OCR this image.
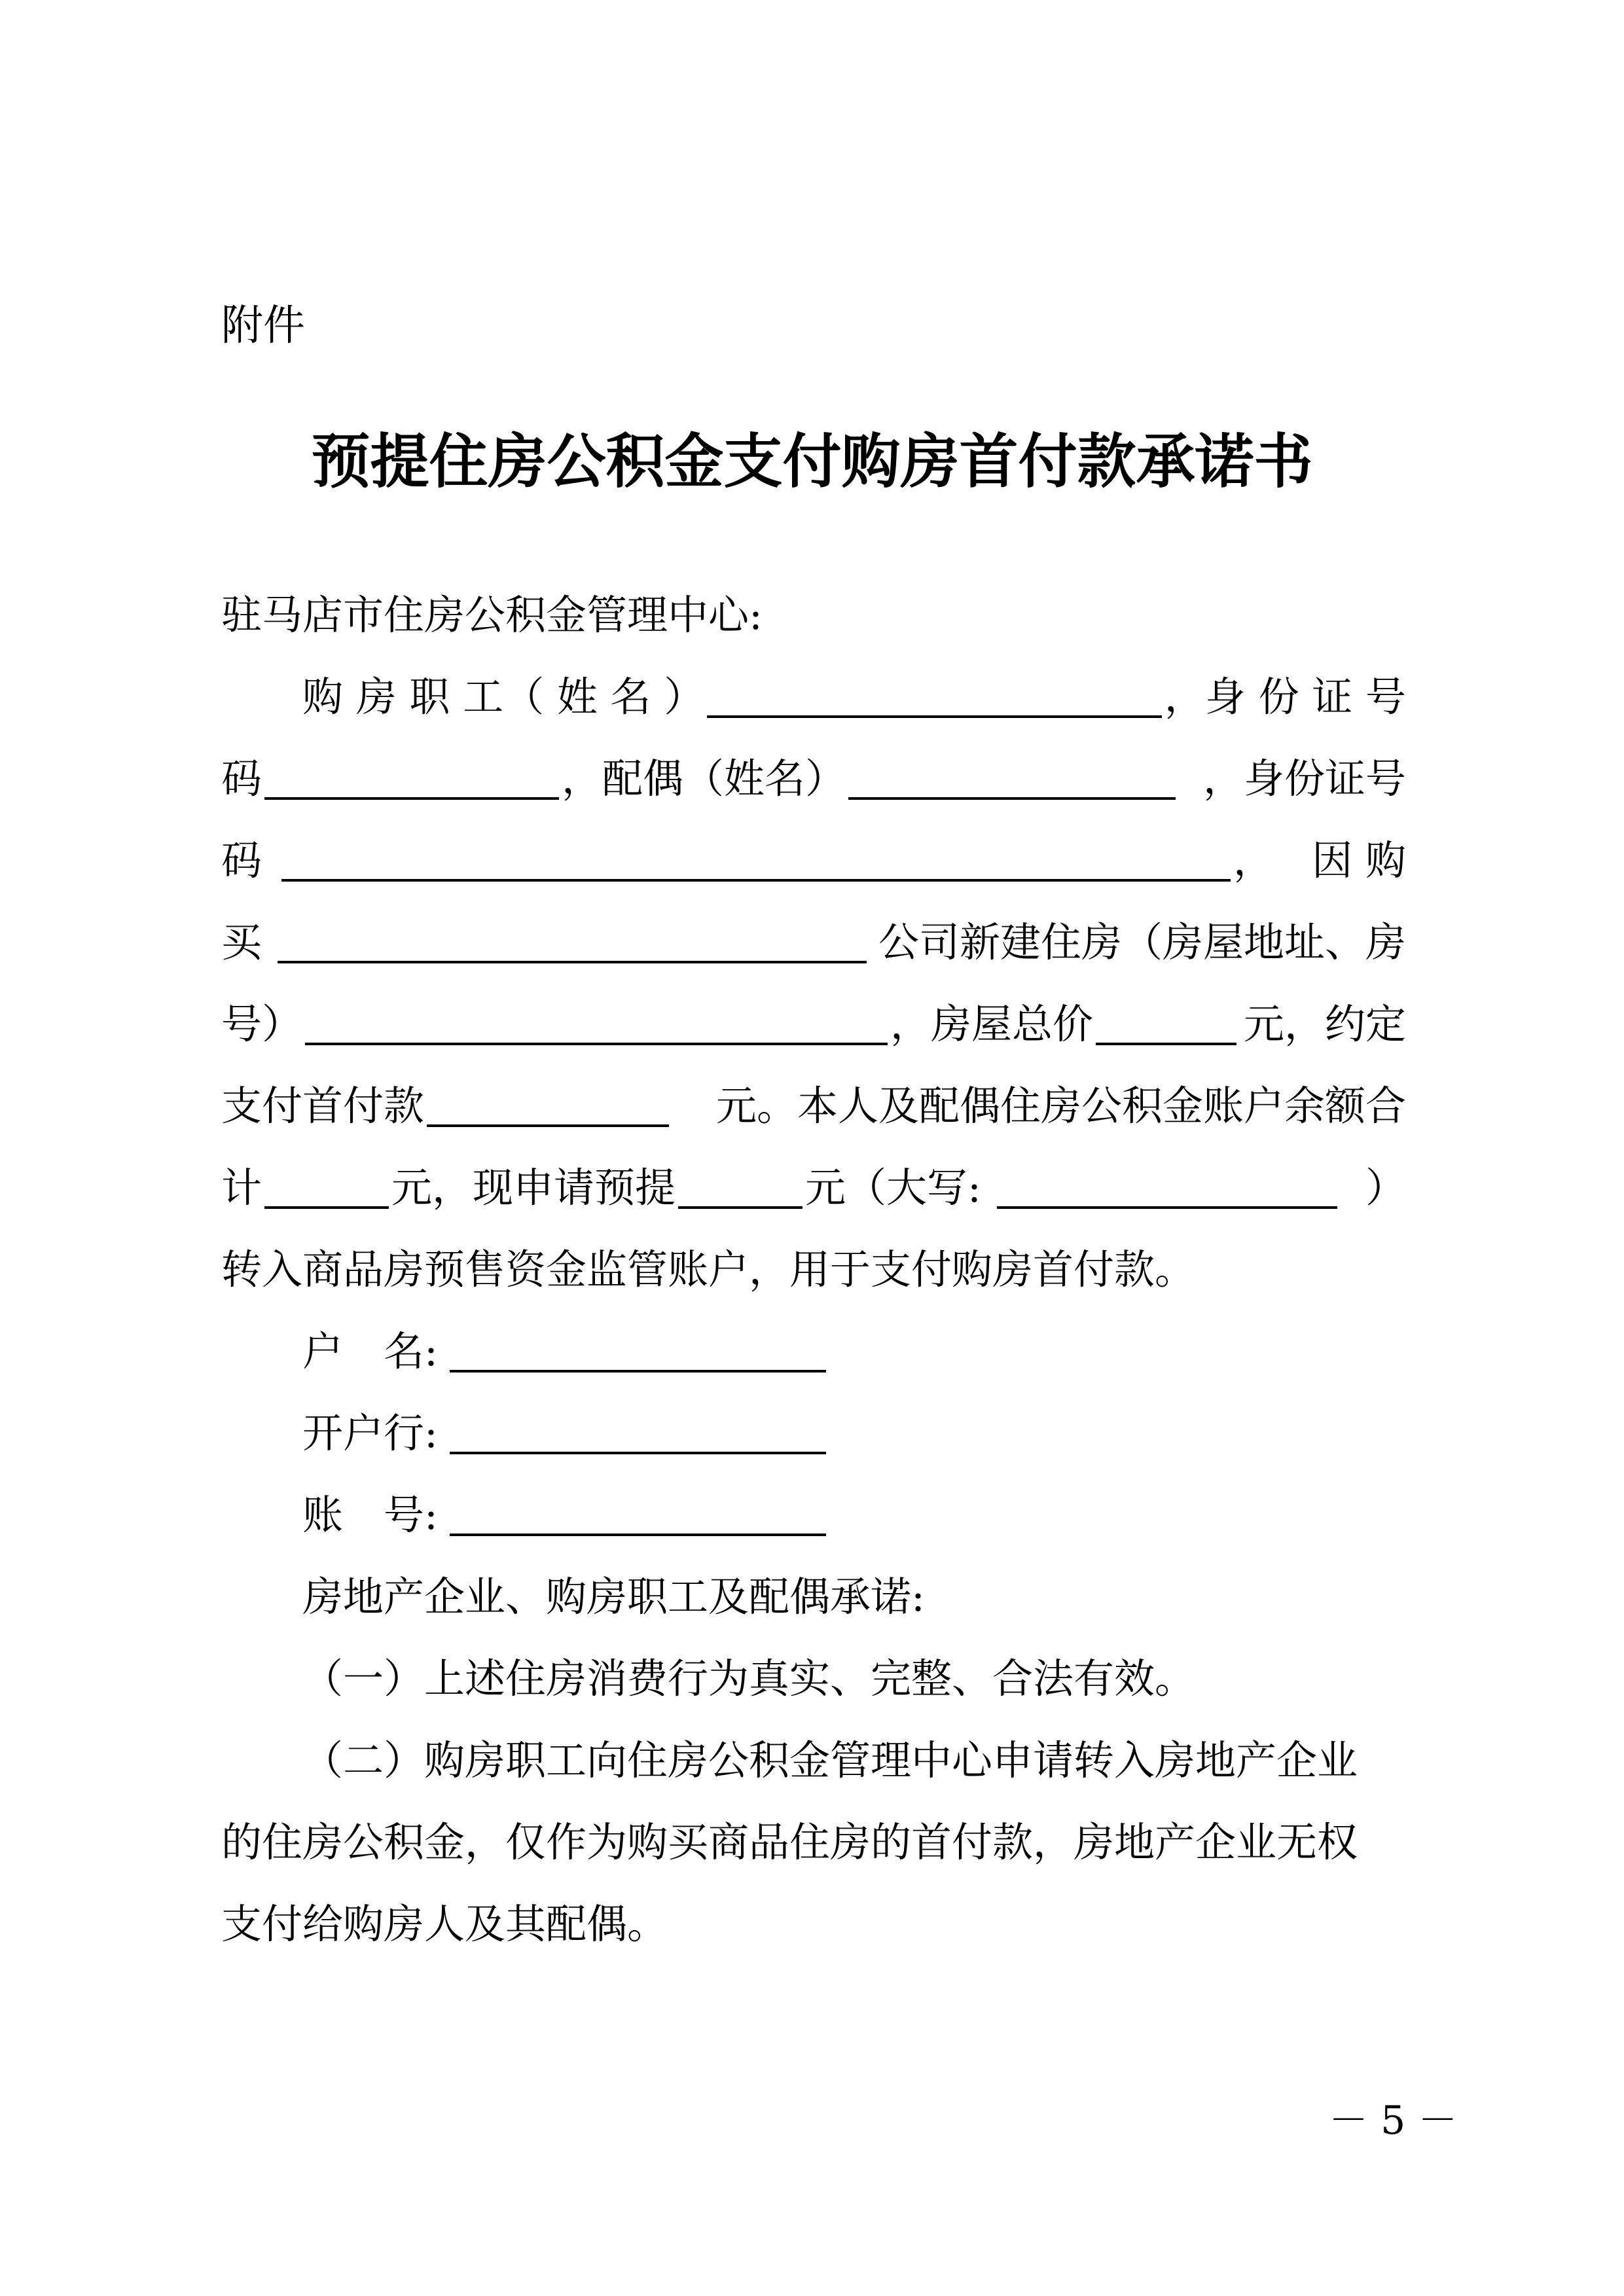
附件
预提住房公积金支付购房首付款承诺书
驻马店市住房公积金管理中心:
购 房 职 工（ 姓 名 ）	， 身 份 证 号
码	，配偶（姓名）	，身份证号
码	， 因 购
买	公司新建住房（房屋地址、房
号）	，房屋总价	元，约定
支付首付款	元。本人及配偶住房公积金账户余额合
计	元，现申请预提	元（大写:	）
转入商品房预售资金监管账户，用于支付购房首付款。
户　名:
开户行:
账　号:
房地产企业、购房职工及配偶承诺:
（一）上述住房消费行为真实、完整、合法有效。
（二）购房职工向住房公积金管理中心申请转入房地产企业
的住房公积金，仅作为购买商品住房的首付款，房地产企业无权
支付给购房人及其配偶。
－ 5 －
